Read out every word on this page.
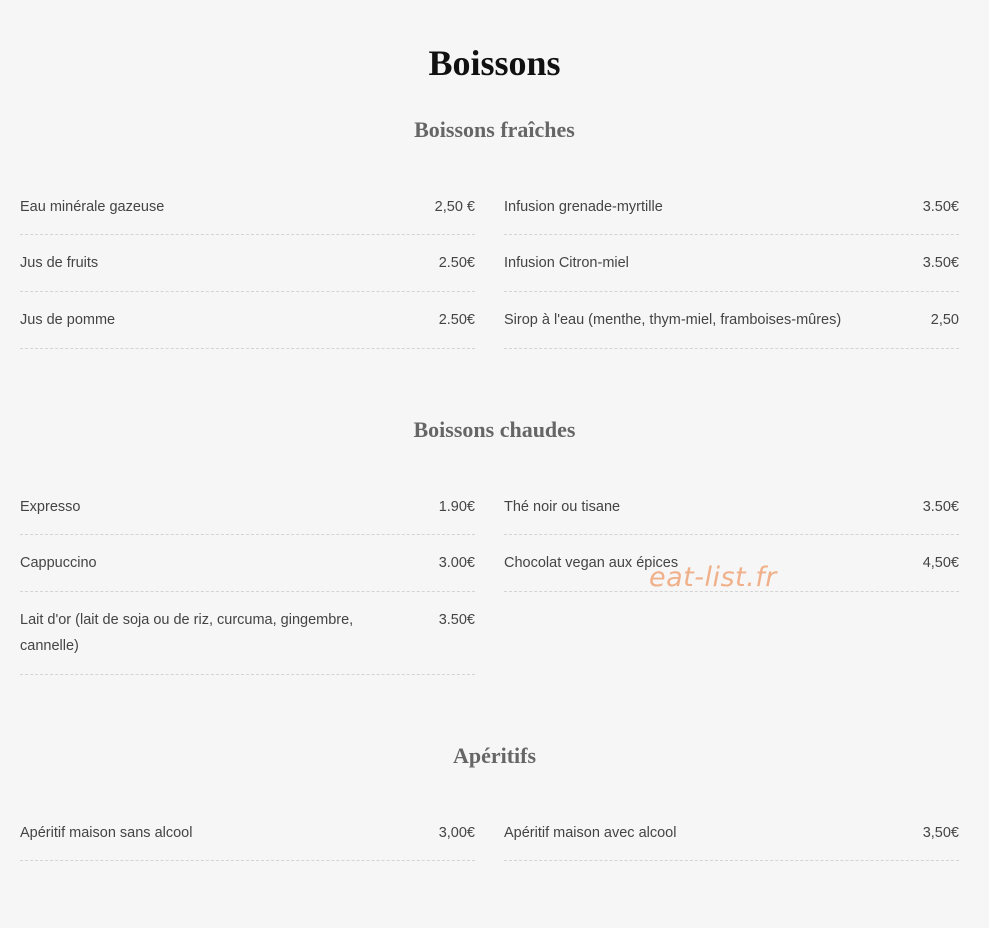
Boissons
Boissons fraîches
Eau minérale gazeuse	2,50 € Infusion grenade-myrtille	3.50€
Jus de fruits	2.50€ Infusion Citron-miel	3.50€
Jus de pomme	2.50€ Sirop à l'eau (menthe, thym-miel, framboises-mûres)	2,50
Boissons chaudes
Expresso	1.90€ Thé noir ou tisane	3.50€
Cappuccino	3.00€ Chocolat vegan aux épices	4,50€
Lait d'or (lait de soja ou de riz, curcuma, gingembre, cannelle)
3.50€
Apéritifs
Apéritif maison sans alcool	3,00€ Apéritif maison avec alcool	3,50€
eat-list.fr
